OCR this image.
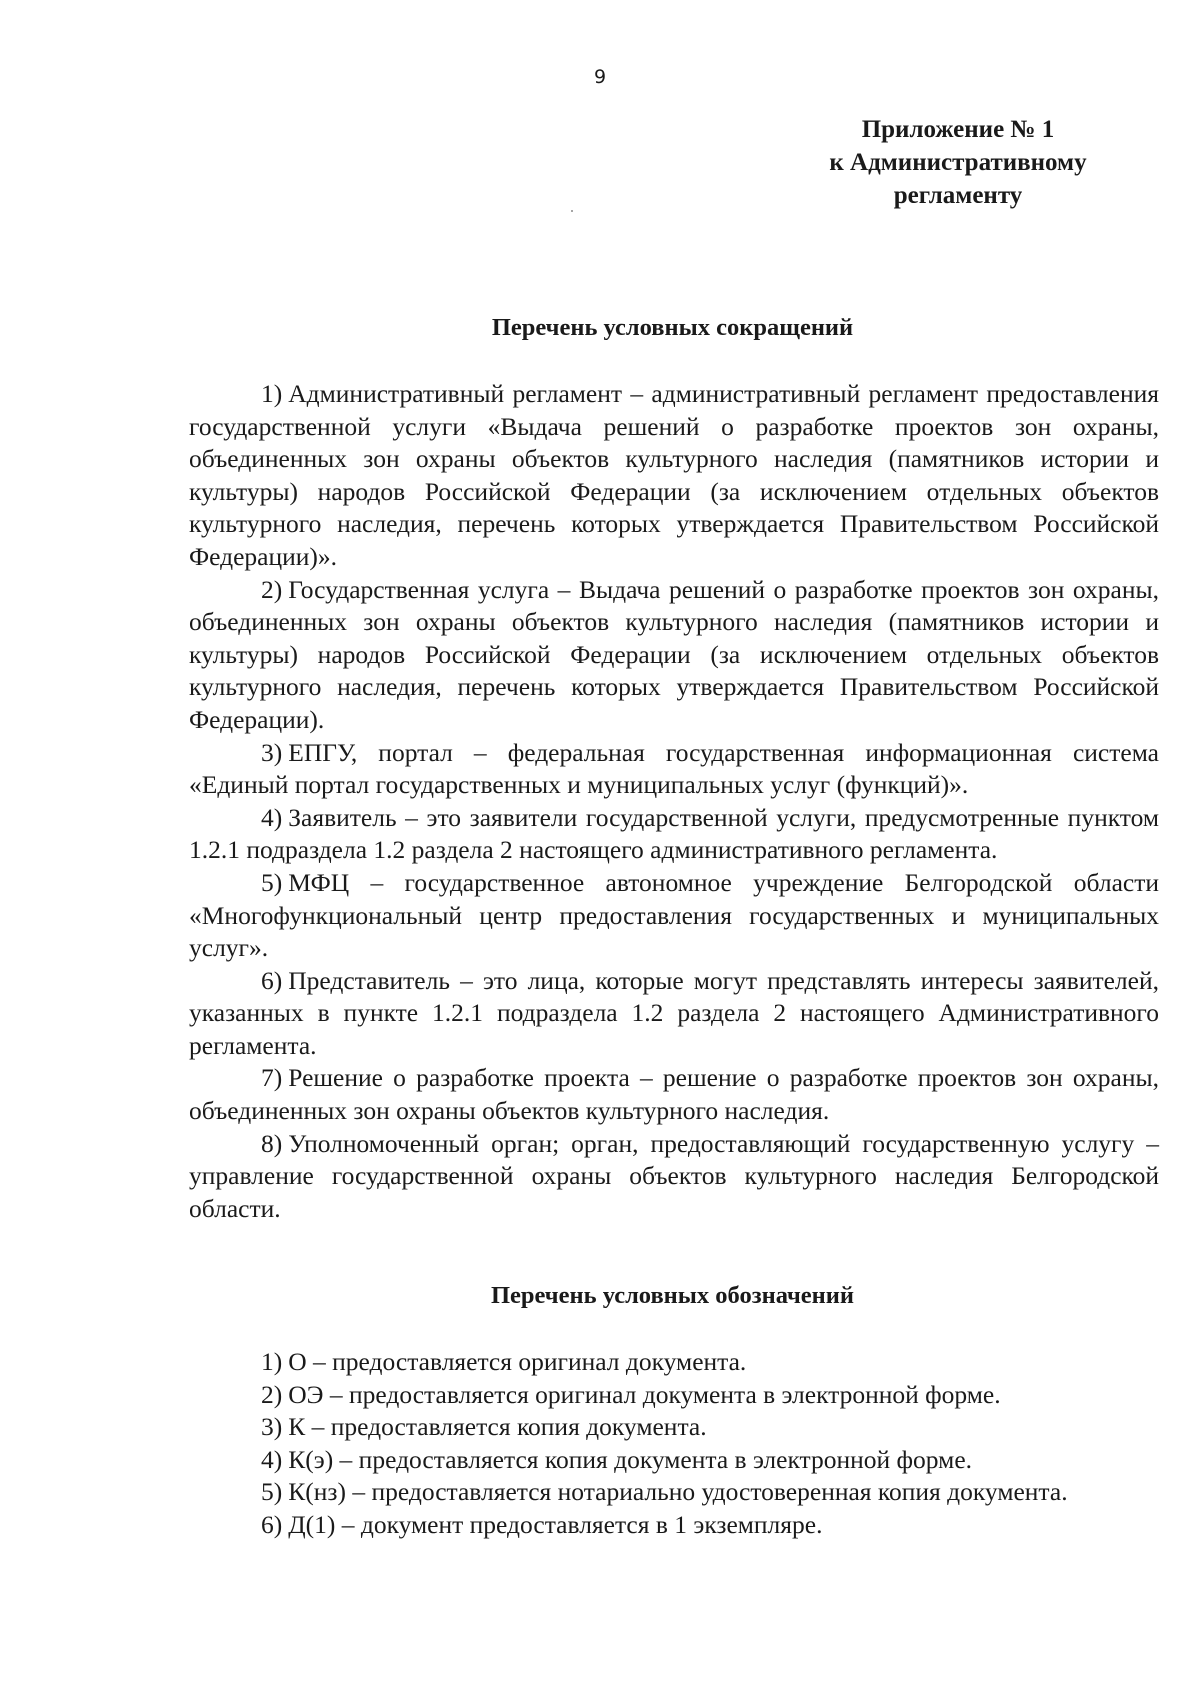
9
Приложение № 1
к Административному
регламенту
Перечень условных сокращений

1) Административный регламент – административный регламент предоставления государственной услуги «Выдача решений о разработке проектов зон охраны, объединенных зон охраны объектов культурного наследия (памятников истории и культуры) народов Российской Федерации (за исключением отдельных объектов культурного наследия, перечень которых утверждается Правительством Российской Федерации)».

2) Государственная услуга – Выдача решений о разработке проектов зон охраны, объединенных зон охраны объектов культурного наследия (памятников истории и культуры) народов Российской Федерации (за исключением отдельных объектов культурного наследия, перечень которых утверждается Правительством Российской Федерации).

3) ЕПГУ, портал – федеральная государственная информационная система «Единый портал государственных и муниципальных услуг (функций)».

4) Заявитель – это заявители государственной услуги, предусмотренные пунктом 1.2.1 подраздела 1.2 раздела 2 настоящего административного регламента.

5) МФЦ – государственное автономное учреждение Белгородской области «Многофункциональный центр предоставления государственных и муниципальных услуг».

6) Представитель – это лица, которые могут представлять интересы заявителей, указанных в пункте 1.2.1 подраздела 1.2 раздела 2 настоящего Административного регламента.

7) Решение о разработке проекта – решение о разработке проектов зон охраны, объединенных зон охраны объектов культурного наследия.

8) Уполномоченный орган; орган, предоставляющий государственную услугу – управление государственной охраны объектов культурного наследия Белгородской области.

Перечень условных обозначений

1) О – предоставляется оригинал документа.

2) ОЭ – предоставляется оригинал документа в электронной форме.

3) К – предоставляется копия документа.

4) К(э) – предоставляется копия документа в электронной форме.

5) К(нз) – предоставляется нотариально удостоверенная копия документа.

6) Д(1) – документ предоставляется в 1 экземпляре.
